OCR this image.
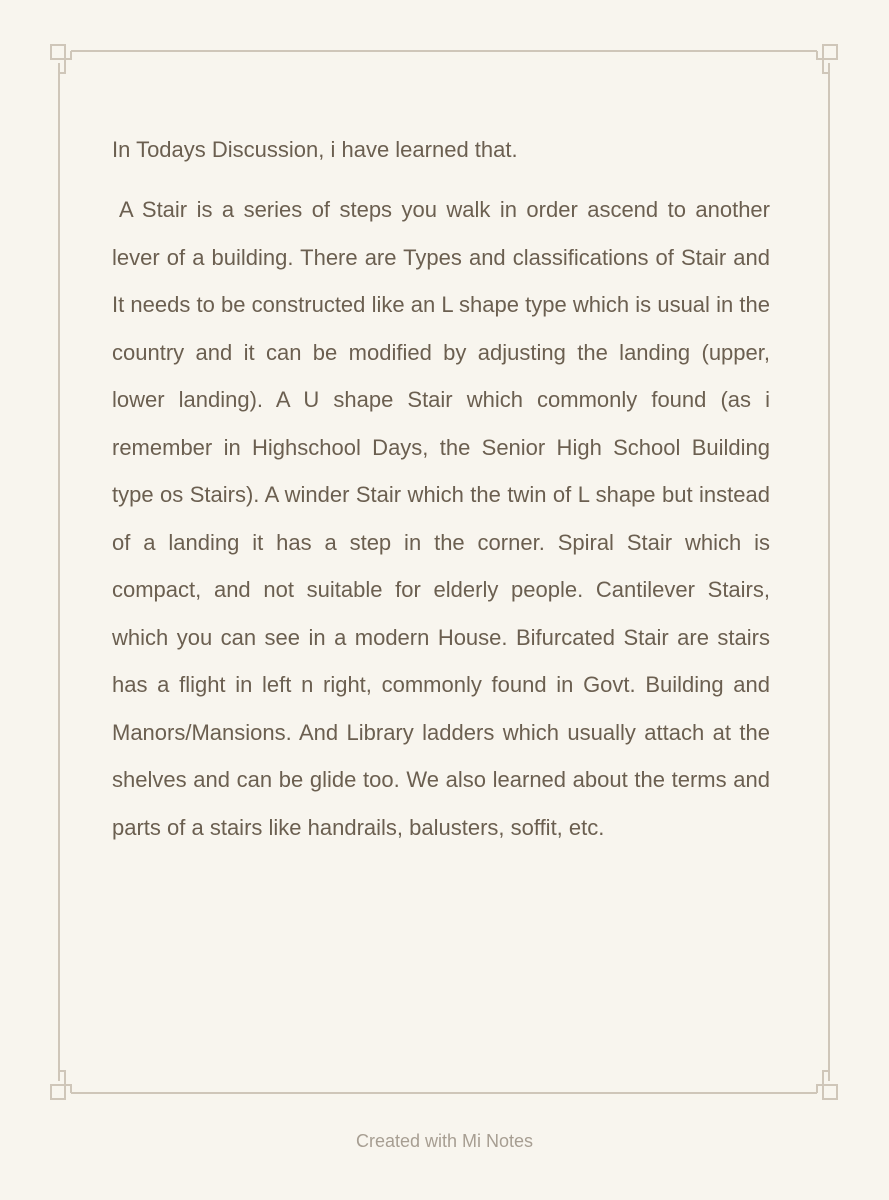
In Todays Discussion, i have learned that.

A Stair is a series of steps you walk in order ascend to another lever of a building. There are Types and classifications of Stair and It needs to be constructed like an L shape type which is usual in the country and it can be modified by adjusting the landing (upper, lower landing). A U shape Stair which commonly found (as i remember in Highschool Days, the Senior High School Building type os Stairs). A winder Stair which the twin of L shape but instead of a landing it has a step in the corner. Spiral Stair which is compact, and not suitable for elderly people. Cantilever Stairs, which you can see in a modern House. Bifurcated Stair are stairs has a flight in left n right, commonly found in Govt. Building and Manors/Mansions. And Library ladders which usually attach at the shelves and can be glide too. We also learned about the terms and parts of a stairs like handrails, balusters, soffit, etc.

Created with Mi Notes
